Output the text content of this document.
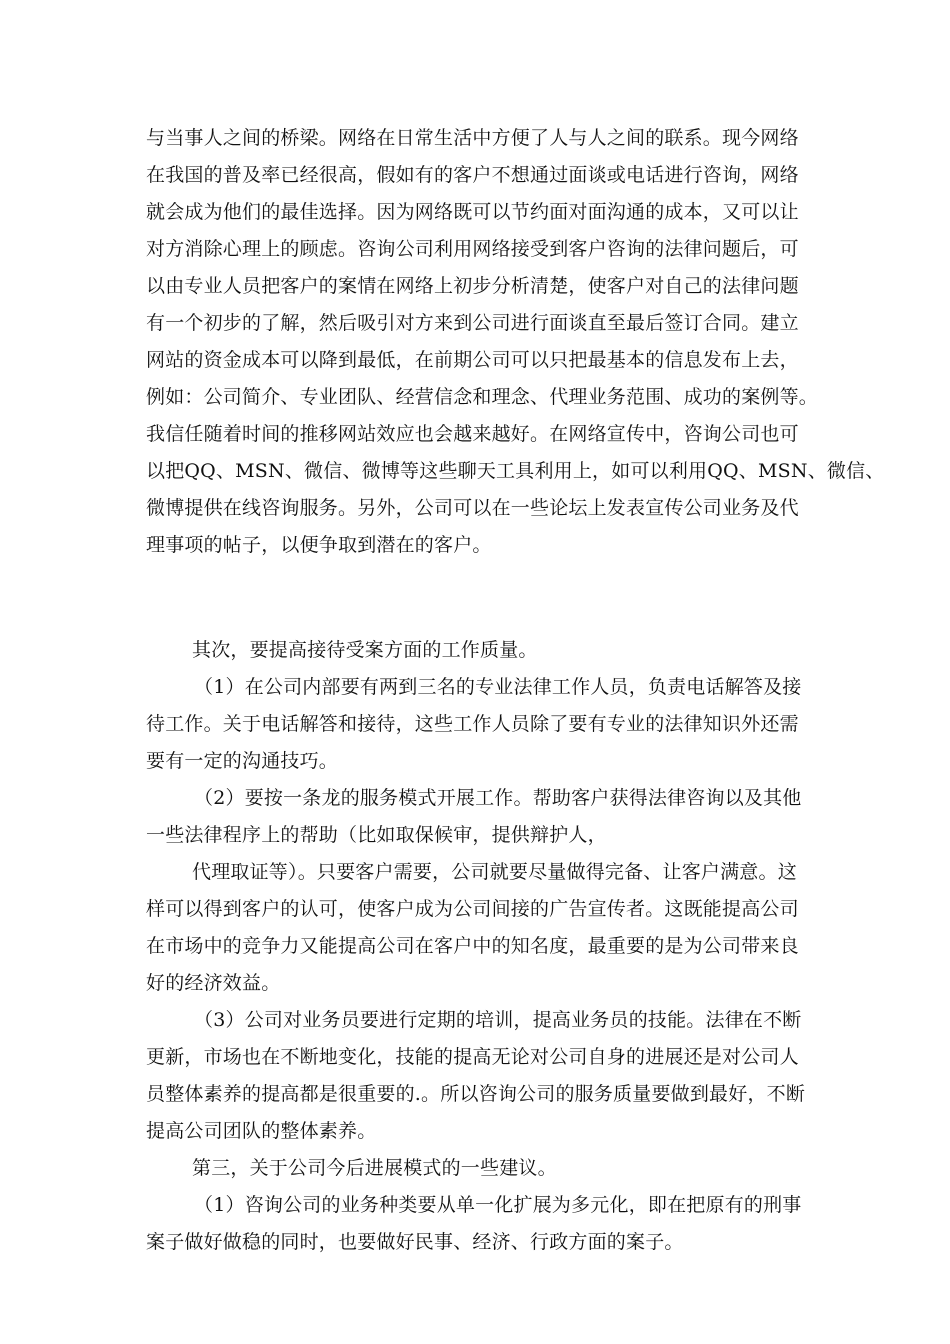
与当事人之间的桥梁。网络在日常生活中方便了人与人之间的联系。现今网络
在我国的普及率已经很高，假如有的客户不想通过面谈或电话进行咨询，网络
就会成为他们的最佳选择。因为网络既可以节约面对面沟通的成本，又可以让
对方消除心理上的顾虑。咨询公司利用网络接受到客户咨询的法律问题后，可
以由专业人员把客户的案情在网络上初步分析清楚，使客户对自己的法律问题
有一个初步的了解，然后吸引对方来到公司进行面谈直至最后签订合同。建立
网站的资金成本可以降到最低，在前期公司可以只把最基本的信息发布上去，
例如：公司简介、专业团队、经营信念和理念、代理业务范围、成功的案例等。
我信任随着时间的推移网站效应也会越来越好。在网络宣传中，咨询公司也可
以把QQ、MSN、微信、微博等这些聊天工具利用上，如可以利用QQ、MSN、微信、
微博提供在线咨询服务。另外，公司可以在一些论坛上发表宣传公司业务及代
理事项的帖子，以便争取到潜在的客户。
其次，要提高接待受案方面的工作质量。
（1）在公司内部要有两到三名的专业法律工作人员，负责电话解答及接
待工作。关于电话解答和接待，这些工作人员除了要有专业的法律知识外还需
要有一定的沟通技巧。
（2）要按一条龙的服务模式开展工作。帮助客户获得法律咨询以及其他
一些法律程序上的帮助（比如取保候审，提供辩护人，
代理取证等）。只要客户需要，公司就要尽量做得完备、让客户满意。这
样可以得到客户的认可，使客户成为公司间接的广告宣传者。这既能提高公司
在市场中的竞争力又能提高公司在客户中的知名度，最重要的是为公司带来良
好的经济效益。
（3）公司对业务员要进行定期的培训，提高业务员的技能。法律在不断
更新，市场也在不断地变化，技能的提高无论对公司自身的进展还是对公司人
员整体素养的提高都是很重要的.。所以咨询公司的服务质量要做到最好，不断
提高公司团队的整体素养。
第三，关于公司今后进展模式的一些建议。
（1）咨询公司的业务种类要从单一化扩展为多元化，即在把原有的刑事
案子做好做稳的同时，也要做好民事、经济、行政方面的案子。
